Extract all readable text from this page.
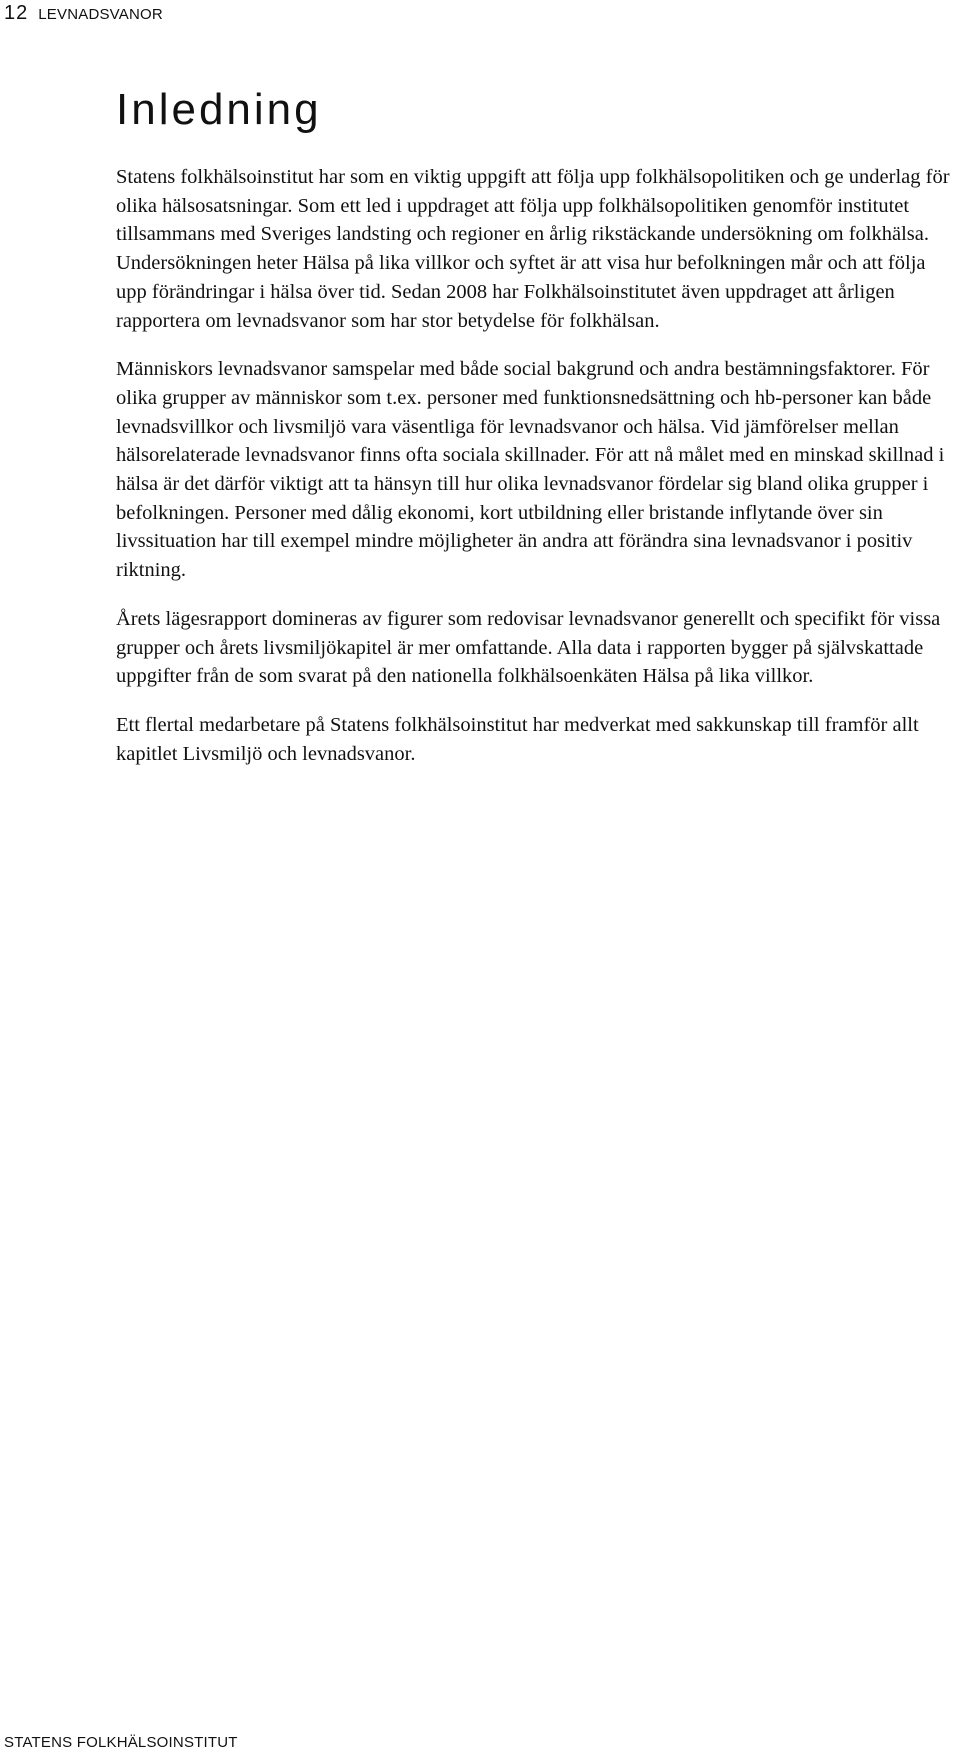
12 LEVNADSVANOR
Inledning

Statens folkhälsoinstitut har som en viktig uppgift att följa upp folkhälsopolitiken och ge underlag för olika hälsosatsningar. Som ett led i uppdraget att följa upp folkhälsopolitiken genomför institutet tillsammans med Sveriges landsting och regioner en årlig rikstäckande undersökning om folkhälsa. Undersökningen heter Hälsa på lika villkor och syftet är att visa hur befolkningen mår och att följa upp förändringar i hälsa över tid. Sedan 2008 har Folkhälsoinstitutet även uppdraget att årligen rapportera om levnadsvanor som har stor betydelse för folkhälsan.

Människors levnadsvanor samspelar med både social bakgrund och andra bestämningsfaktorer. För olika grupper av människor som t.ex. personer med funktionsnedsättning och hb-personer kan både levnadsvillkor och livsmiljö vara väsentliga för levnadsvanor och hälsa. Vid jämförelser mellan hälsorelaterade levnadsvanor finns ofta sociala skillnader. För att nå målet med en minskad skillnad i hälsa är det därför viktigt att ta hänsyn till hur olika levnadsvanor fördelar sig bland olika grupper i befolkningen. Personer med dålig ekonomi, kort utbildning eller bristande inflytande över sin livssituation har till exempel mindre möjligheter än andra att förändra sina levnadsvanor i positiv riktning.

Årets lägesrapport domineras av figurer som redovisar levnadsvanor generellt och specifikt för vissa grupper och årets livsmiljökapitel är mer omfattande. Alla data i rapporten bygger på självskattade uppgifter från de som svarat på den nationella folkhälsoenkäten Hälsa på lika villkor.

Ett flertal medarbetare på Statens folkhälsoinstitut har medverkat med sakkunskap till framför allt kapitlet Livsmiljö och levnadsvanor.

STATENS FOLKHÄLSOINSTITUT
